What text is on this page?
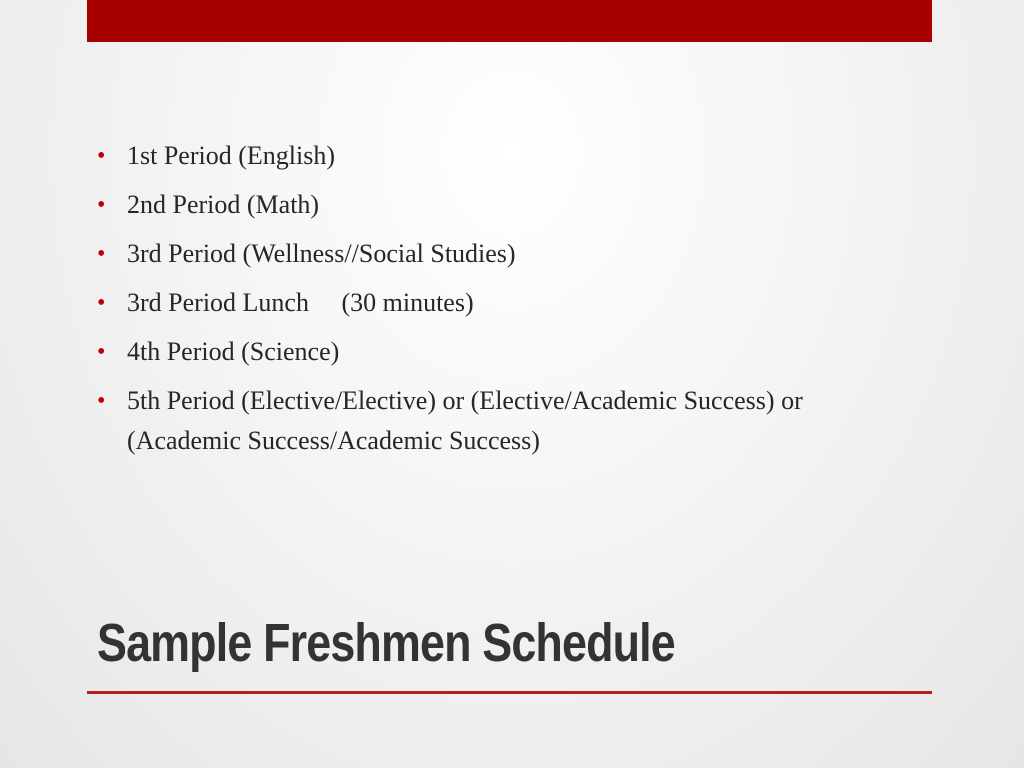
• 1st Period (English)
• 2nd Period (Math)
• 3rd Period (Wellness//Social Studies)
• 3rd Period Lunch     (30 minutes)
• 4th Period (Science)
• 5th Period (Elective/Elective) or (Elective/Academic Success) or (Academic Success/Academic Success)
Sample Freshmen Schedule
